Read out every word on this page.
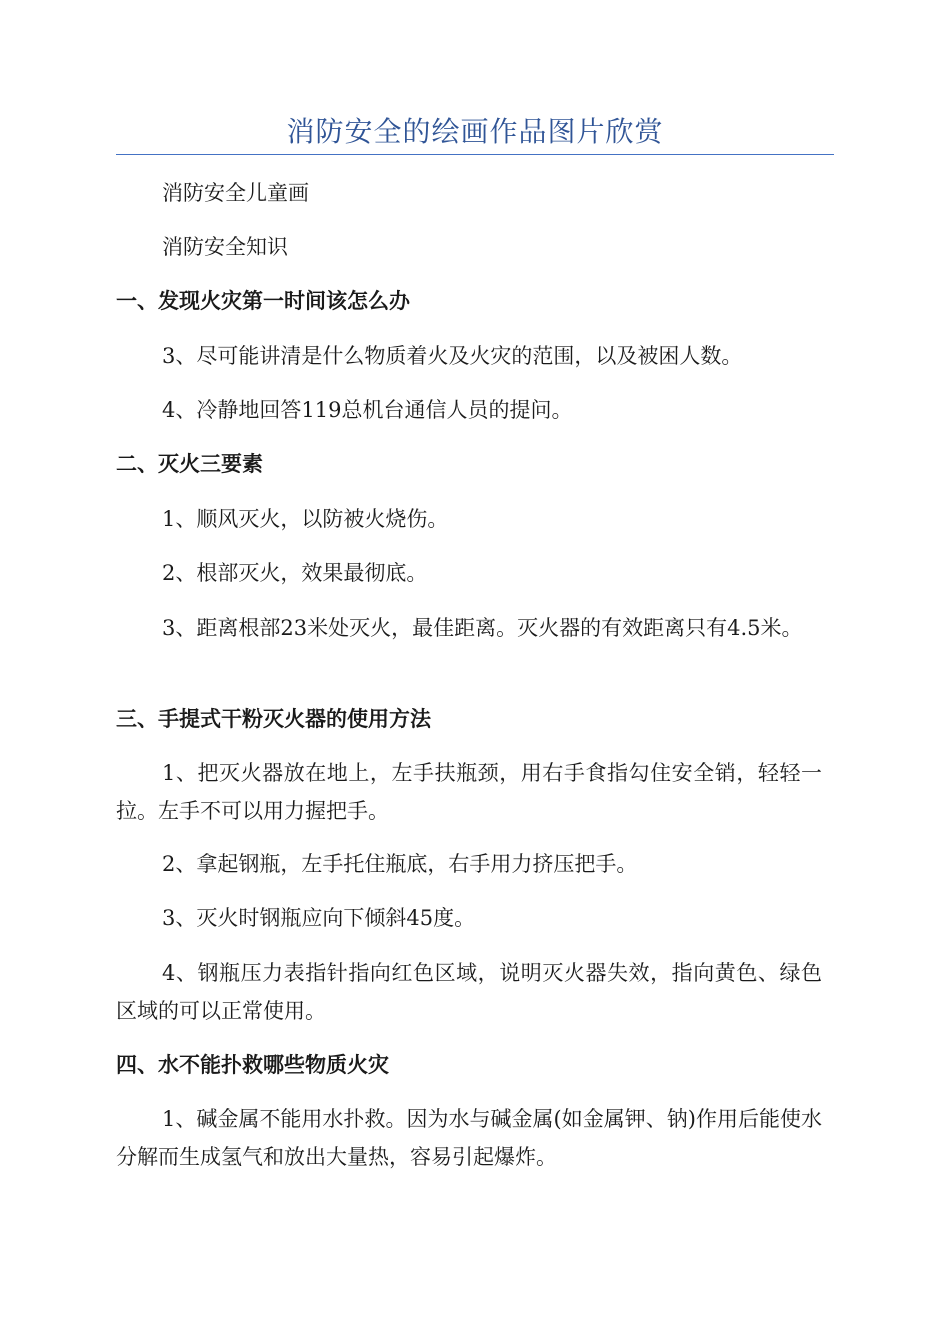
消防安全的绘画作品图片欣赏
消防安全儿童画
消防安全知识
一、发现火灾第一时间该怎么办
3、尽可能讲清是什么物质着火及火灾的范围，以及被困人数。
4、冷静地回答119总机台通信人员的提问。
二、灭火三要素
1、顺风灭火，以防被火烧伤。
2、根部灭火，效果最彻底。
3、距离根部23米处灭火，最佳距离。灭火器的有效距离只有4.5米。
三、手提式干粉灭火器的使用方法
1、把灭火器放在地上，左手扶瓶颈，用右手食指勾住安全销，轻轻一拉。左手不可以用力握把手。
2、拿起钢瓶，左手托住瓶底，右手用力挤压把手。
3、灭火时钢瓶应向下倾斜45度。
4、钢瓶压力表指针指向红色区域，说明灭火器失效，指向黄色、绿色区域的可以正常使用。
四、水不能扑救哪些物质火灾
1、碱金属不能用水扑救。因为水与碱金属(如金属钾、钠)作用后能使水分解而生成氢气和放出大量热，容易引起爆炸。
